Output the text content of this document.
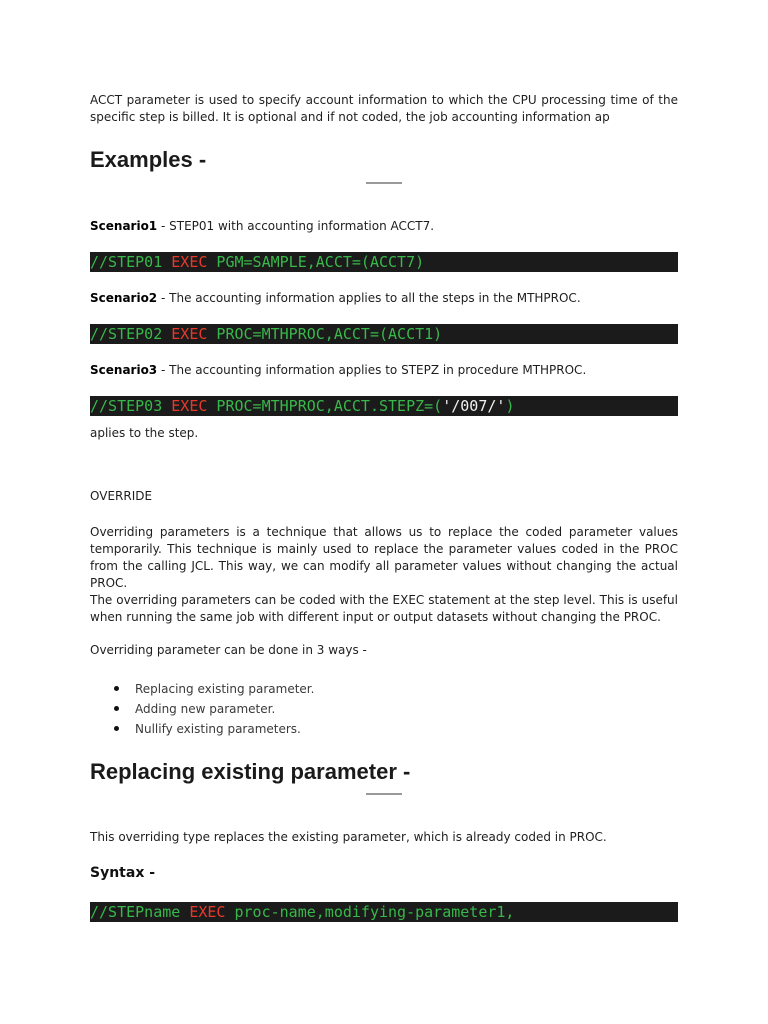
ACCT parameter is used to specify account information to which the CPU processing time of the specific step is billed. It is optional and if not coded, the job accounting information ap
Examples -
Scenario1 - STEP01 with accounting information ACCT7.
//STEP01 EXEC PGM=SAMPLE,ACCT=(ACCT7)
Scenario2 - The accounting information applies to all the steps in the MTHPROC.
//STEP02 EXEC PROC=MTHPROC,ACCT=(ACCT1)
Scenario3 - The accounting information applies to STEPZ in procedure MTHPROC.
//STEP03 EXEC PROC=MTHPROC,ACCT.STEPZ=('/007/')
aplies to the step.
OVERRIDE
Overriding parameters is a technique that allows us to replace the coded parameter values temporarily. This technique is mainly used to replace the parameter values coded in the PROC from the calling JCL. This way, we can modify all parameter values without changing the actual PROC.
The overriding parameters can be coded with the EXEC statement at the step level. This is useful when running the same job with different input or output datasets without changing the PROC.
Overriding parameter can be done in 3 ways -
Replacing existing parameter.
Adding new parameter.
Nullify existing parameters.
Replacing existing parameter -
This overriding type replaces the existing parameter, which is already coded in PROC.
Syntax -
//STEPname EXEC proc-name,modifying-parameter1,
